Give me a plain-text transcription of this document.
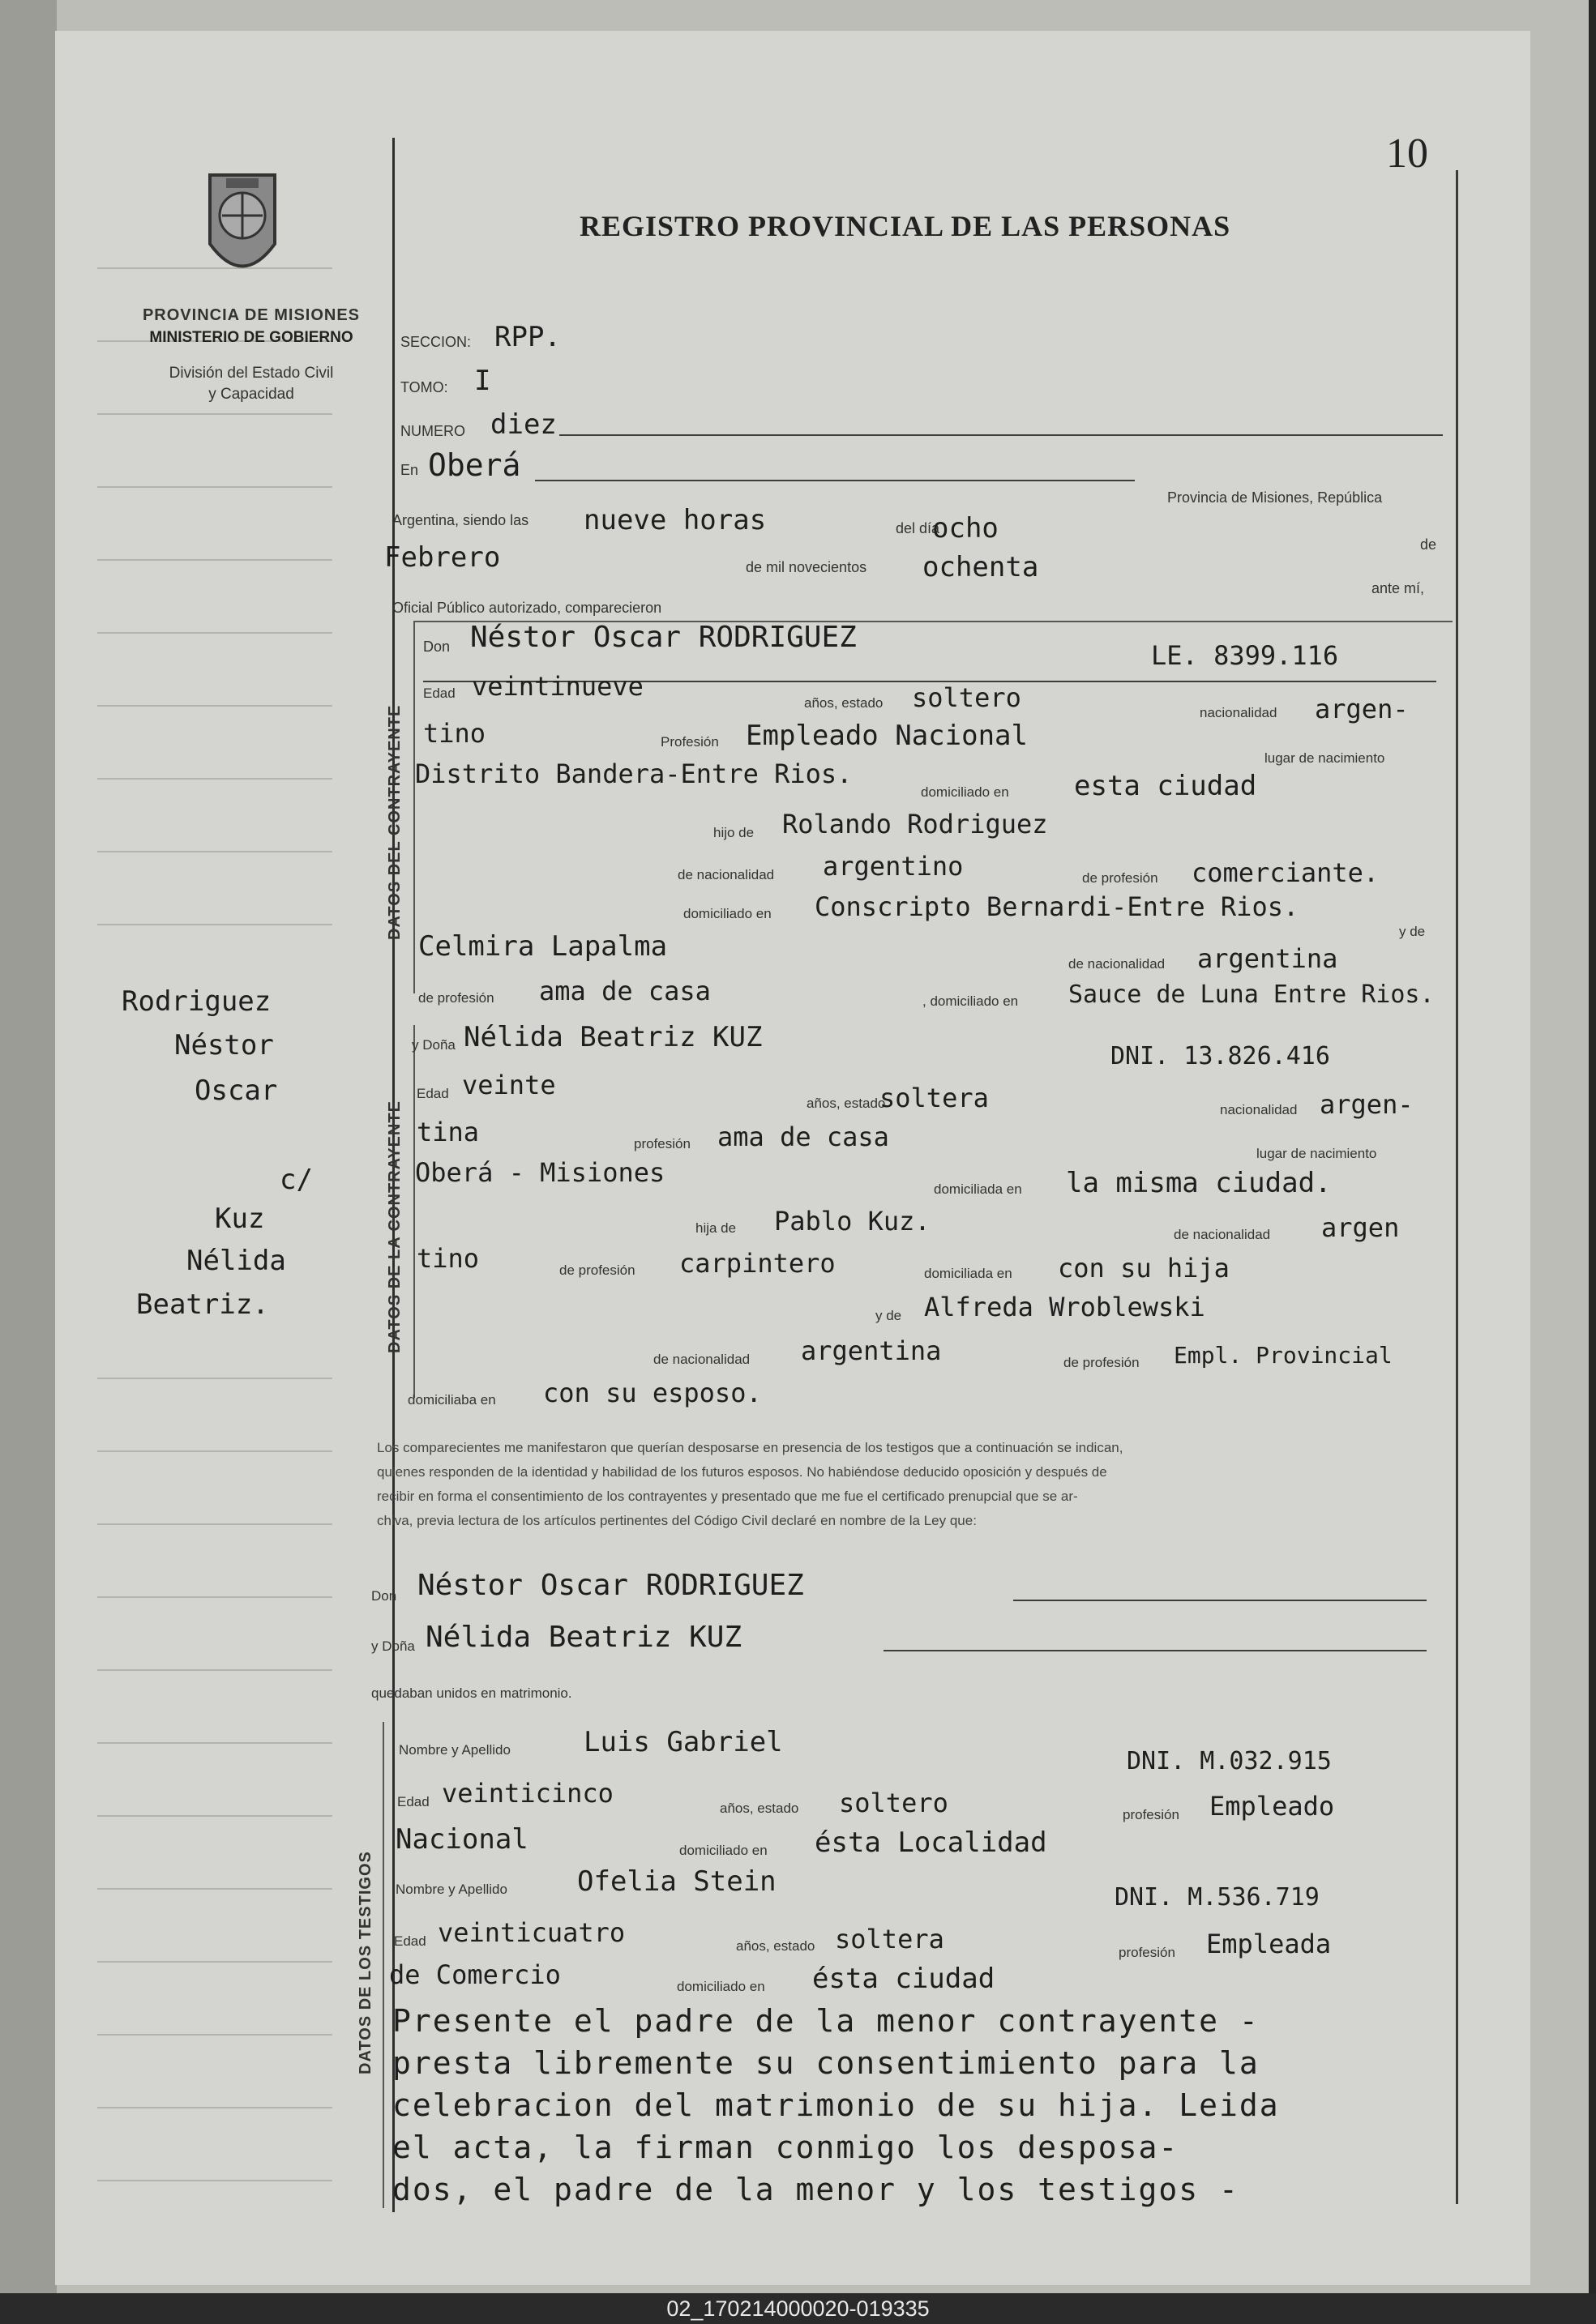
PROVINCIA DE MISIONES
MINISTERIO DE GOBIERNO
División del Estado Civil
y Capacidad
10
REGISTRO PROVINCIAL DE LAS PERSONAS
SECCION: RPP.
TOMO: I
NUMERO diez
En Oberá
Provincia de Misiones, República
Argentina, siendo las nueve horas	del día
ocho	de
Febrero	de mil novecientos ochenta
ante mí,
Oficial Público autorizado, comparecieron
DATOS DEL CONTRAYENTE
Don Néstor Oscar RODRIGUEZ
LE. 8399.116
Edad veintinueve
años, estado soltero	nacionalidad argen-
tino	Profesión Empleado Nacional
lugar de nacimiento
Distrito Bandera-Entre Rios.
domiciliado en esta ciudad
hijo de Rolando Rodriguez
de nacionalidad argentino	de profesión comerciante.
domiciliado en Conscripto Bernardi-Entre Rios.
y de
Celmira Lapalma
de nacionalidad argentina
de profesión ama de casa	, domiciliado en Sauce de Luna Entre Rios.
DATOS DE LA CONTRAYENTE
y Doña Nélida Beatriz KUZ
DNI. 13.826.416
Edad veinte
años, estado
soltera	nacionalidad argen-
tina	profesión ama de casa
lugar de nacimiento
Oberá - Misiones
domiciliada en la misma ciudad.
hija de Pablo Kuz.	de nacionalidad argen
tino	de profesión carpintero	domiciliada en con su hija
y de Alfreda Wroblewski
de nacionalidad argentina	de profesión Empl. Provincial
domiciliaba en con su esposo.
Los comparecientes me manifestaron que querían desposarse en presencia de los testigos que a continuación se indican,
quienes responden de la identidad y habilidad de los futuros esposos. No habiéndose deducido oposición y después de
recibir en forma el consentimiento de los contrayentes y presentado que me fue el certificado prenupcial que se ar-
chiva, previa lectura de los artículos pertinentes del Código Civil declaré en nombre de la Ley que:
Don Néstor Oscar RODRIGUEZ
y Doña Nélida Beatriz KUZ
quedaban unidos en matrimonio.
DATOS DE LOS TESTIGOS
Nombre y Apellido	Luis Gabriel
DNI. M.032.915
Edad veinticinco	años, estado soltero	profesión Empleado
Nacional	domiciliado en ésta Localidad
Nombre y Apellido	Ofelia Stein	DNI. M.536.719
Edad veinticuatro	años, estado soltera	profesión Empleada
de Comercio	domiciliado en ésta ciudad
Presente el padre de la menor contrayente -
presta libremente su consentimiento para la
celebracion del matrimonio de su hija. Leida
el acta, la firman conmigo los desposa-
dos, el padre de la menor y los testigos -
Rodriguez
Néstor
Oscar
c/
Kuz
Nélida
Beatriz.
02_170214000020-019335
